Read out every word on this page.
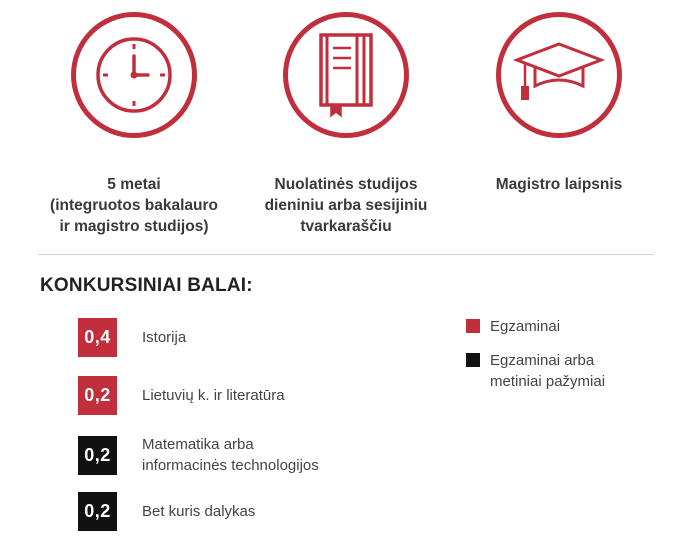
5 metai
(integruotos bakalauro
ir magistro studijos)
Nuolatinės studijos
dieniniu arba sesijiniu
tvarkaraščiu
Magistro laipsnis
KONKURSINIAI BALAI:
0,4	Istorija
0,2	Lietuvių k. ir literatūra
0,2	Matematika arba
informacinės technologijos
0,2	Bet kuris dalykas
Egzaminai
Egzaminai arba
metiniai pažymiai
